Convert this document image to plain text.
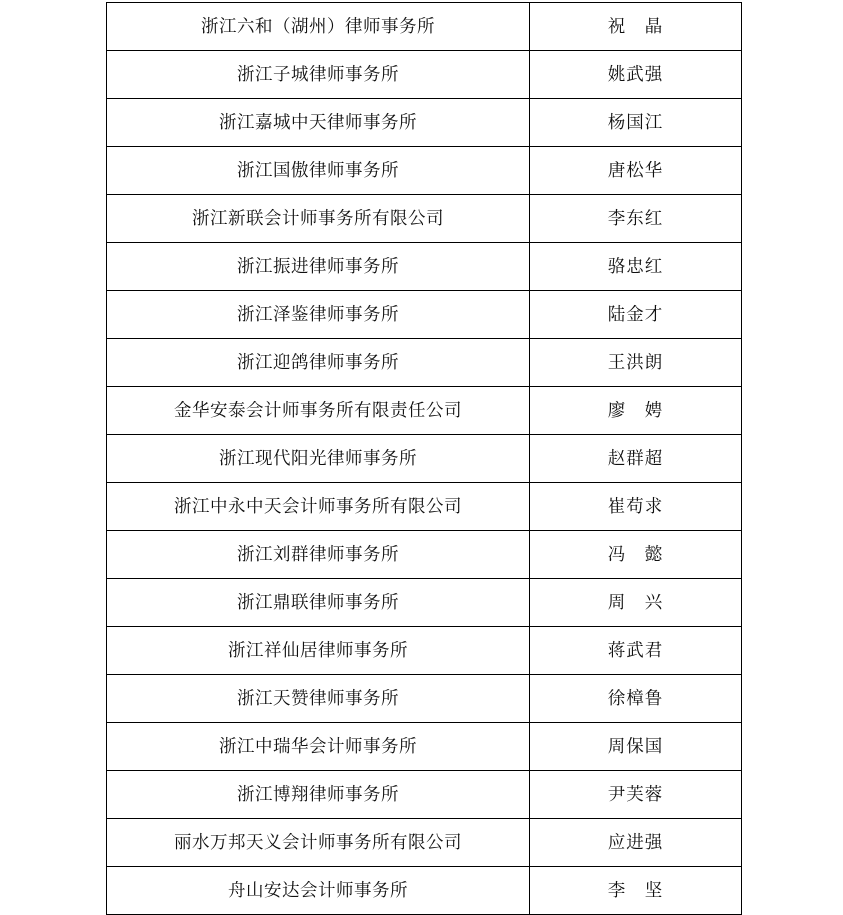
浙江六和（湖州）律师事务所	祝　晶
浙江子城律师事务所	姚武强
浙江嘉城中天律师事务所	杨国江
浙江国傲律师事务所	唐松华
浙江新联会计师事务所有限公司	李东红
浙江振进律师事务所	骆忠红
浙江泽鉴律师事务所	陆金才
浙江迎鸽律师事务所	王洪朗
金华安泰会计师事务所有限责任公司	廖　娉
浙江现代阳光律师事务所	赵群超
浙江中永中天会计师事务所有限公司	崔苟求
浙江刘群律师事务所	冯　懿
浙江鼎联律师事务所	周　兴
浙江祥仙居律师事务所	蒋武君
浙江天赞律师事务所	徐樟鲁
浙江中瑞华会计师事务所	周保国
浙江博翔律师事务所	尹芙蓉
丽水万邦天义会计师事务所有限公司	应进强
舟山安达会计师事务所	李　坚
